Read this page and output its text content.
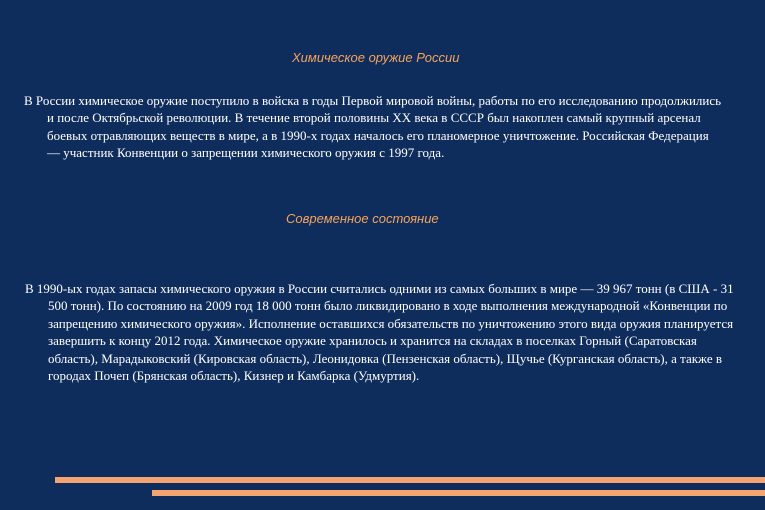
Химическое оружие России

В России химическое оружие поступило в войска в годы Первой мировой войны, работы по его исследованию продолжились и после Октябрьской революции. В течение второй половины XX века в СССР был накоплен самый крупный арсенал боевых отравляющих веществ в мире, а в 1990-х годах началось его планомерное уничтожение. Российская Федерация — участник Конвенции о запрещении химического оружия с 1997 года.

Современное состояние

В 1990-ых годах запасы химического оружия в России считались одними из самых больших в мире — 39 967 тонн (в США - 31 500 тонн). По состоянию на 2009 год 18 000 тонн было ликвидировано в ходе выполнения международной «Конвенции по запрещению химического оружия». Исполнение оставшихся обязательств по уничтожению этого вида оружия планируется завершить к концу 2012 года. Химическое оружие хранилось и хранится на складах в поселках Горный (Саратовская область), Марадыковский (Кировская область), Леонидовка (Пензенская область), Щучье (Курганская область), а также в городах Почеп (Брянская область), Кизнер и Камбарка (Удмуртия).
